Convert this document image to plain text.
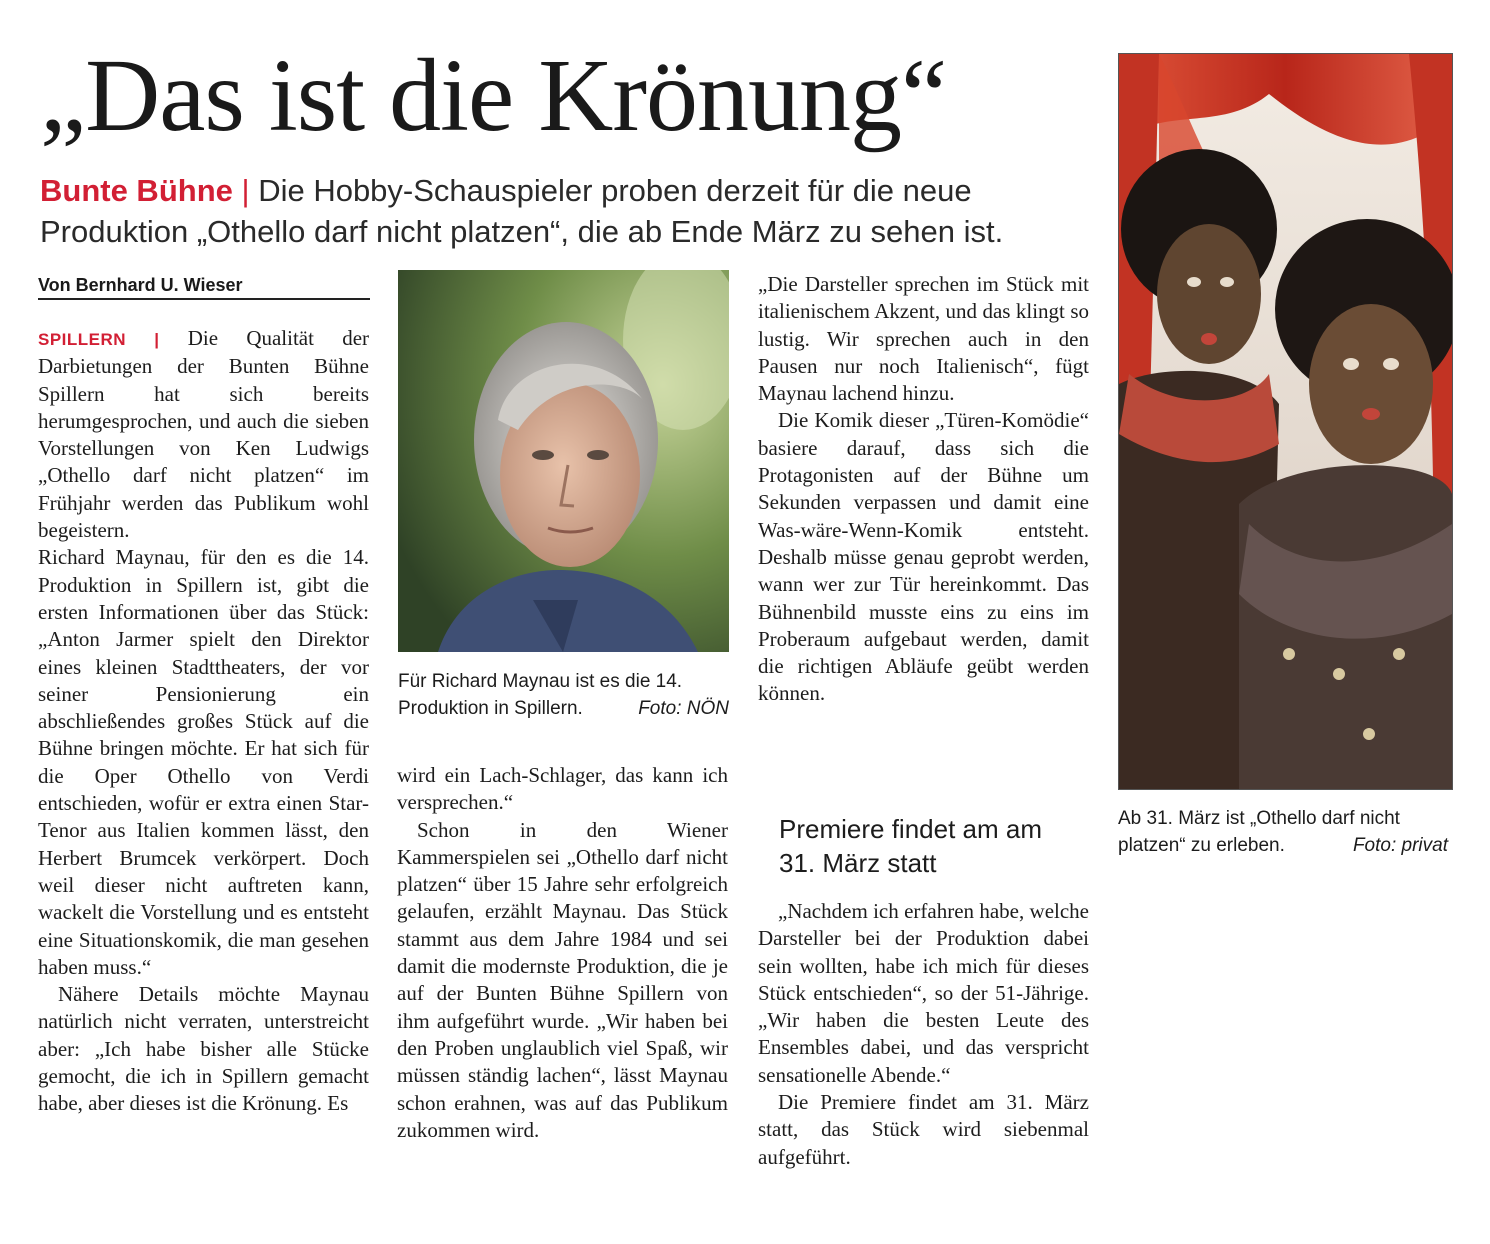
„Das ist die Krönung“
Bunte Bühne | Die Hobby-Schauspieler proben derzeit für die neue Produktion „Othello darf nicht platzen“, die ab Ende März zu sehen ist.
Von Bernhard U. Wieser

SPILLERN | Die Qualität der Darbietungen der Bunten Bühne Spillern hat sich bereits herumgesprochen, und auch die sieben Vorstellungen von Ken Ludwigs „Othello darf nicht platzen“ im Frühjahr werden das Publikum wohl begeistern.

Richard Maynau, für den es die 14. Produktion in Spillern ist, gibt die ersten Informationen über das Stück: „Anton Jarmer spielt den Direktor eines kleinen Stadttheaters, der vor seiner Pensionierung ein abschließendes großes Stück auf die Bühne bringen möchte. Er hat sich für die Oper Othello von Verdi entschieden, wofür er extra einen Star-Tenor aus Italien kommen lässt, den Herbert Brumcek verkörpert. Doch weil dieser nicht auftreten kann, wackelt die Vorstellung und es entsteht eine Situationskomik, die man gesehen haben muss.“

Nähere Details möchte Maynau natürlich nicht verraten, unterstreicht aber: „Ich habe bisher alle Stücke gemocht, die ich in Spillern gemacht habe, aber dieses ist die Krönung. Es

Für Richard Maynau ist es die 14. Produktion in Spillern.	Foto: NÖN

wird ein Lach-Schlager, das kann ich versprechen.“

Schon in den Wiener Kammerspielen sei „Othello darf nicht platzen“ über 15 Jahre sehr erfolgreich gelaufen, erzählt Maynau. Das Stück stammt aus dem Jahre 1984 und sei damit die modernste Produktion, die je auf der Bunten Bühne Spillern von ihm aufgeführt wurde. „Wir haben bei den Proben unglaublich viel Spaß, wir müssen ständig lachen“, lässt Maynau schon erahnen, was auf das Publikum zukommen wird.

„Die Darsteller sprechen im Stück mit italienischem Akzent, und das klingt so lustig. Wir sprechen auch in den Pausen nur noch Italienisch“, fügt Maynau lachend hinzu.

Die Komik dieser „Türen-Komödie“ basiere darauf, dass sich die Protagonisten auf der Bühne um Sekunden verpassen und damit eine Was-wäre-Wenn-Komik entsteht. Deshalb müsse genau geprobt werden, wann wer zur Tür hereinkommt. Das Bühnenbild musste eins zu eins im Proberaum aufgebaut werden, damit die richtigen Abläufe geübt werden können.

Premiere findet am am 31. März statt

„Nachdem ich erfahren habe, welche Darsteller bei der Produktion dabei sein wollten, habe ich mich für dieses Stück entschieden“, so der 51-Jährige. „Wir haben die besten Leute des Ensembles dabei, und das verspricht sensationelle Abende.“

Die Premiere findet am 31. März statt, das Stück wird siebenmal aufgeführt.

Ab 31. März ist „Othello darf nicht platzen“ zu erleben.	Foto: privat
